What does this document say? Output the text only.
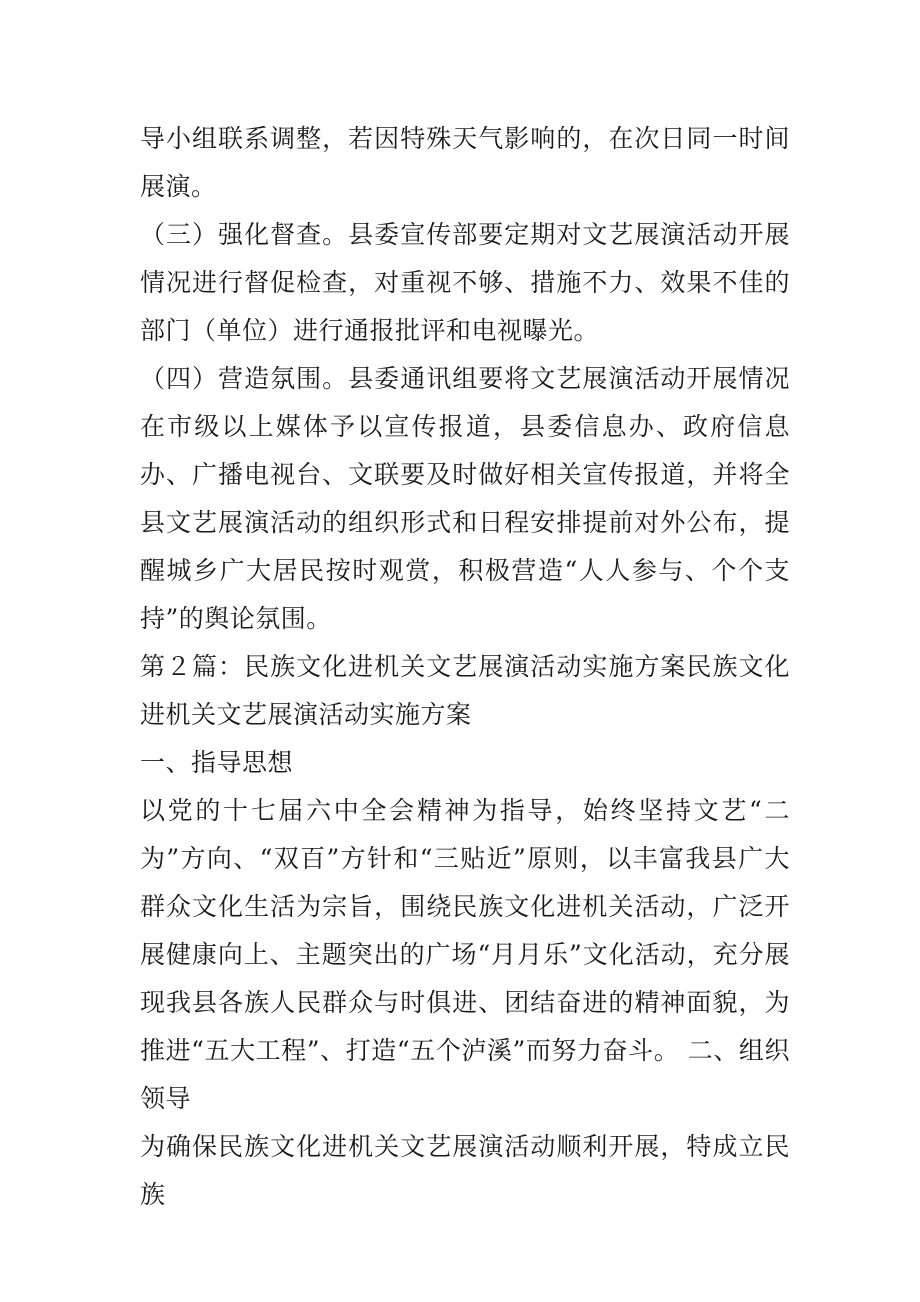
导小组联系调整，若因特殊天气影响的，在次日同一时间展演。

（三）强化督查。县委宣传部要定期对文艺展演活动开展情况进行督促检查，对重视不够、措施不力、效果不佳的部门（单位）进行通报批评和电视曝光。

（四）营造氛围。县委通讯组要将文艺展演活动开展情况在市级以上媒体予以宣传报道，县委信息办、政府信息办、广播电视台、文联要及时做好相关宣传报道，并将全县文艺展演活动的组织形式和日程安排提前对外公布，提醒城乡广大居民按时观赏，积极营造“人人参与、个个支持”的舆论氛围。

第２篇：民族文化进机关文艺展演活动实施方案民族文化进机关文艺展演活动实施方案

一、指导思想

以党的十七届六中全会精神为指导，始终坚持文艺“二为”方向、“双百”方针和“三贴近”原则，以丰富我县广大群众文化生活为宗旨，围绕民族文化进机关活动，广泛开展健康向上、主题突出的广场“月月乐”文化活动，充分展现我县各族人民群众与时俱进、团结奋进的精神面貌，为推进“五大工程”、打造“五个泸溪”而努力奋斗。 二、组织领导

为确保民族文化进机关文艺展演活动顺利开展，特成立民族
